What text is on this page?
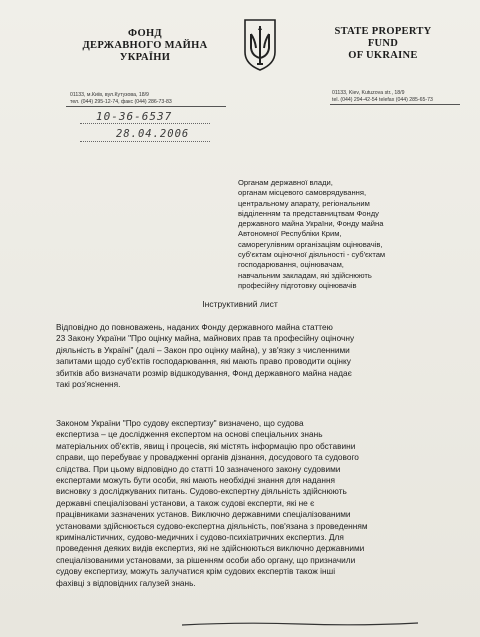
ФОНД
ДЕРЖАВНОГО МАЙНА
УКРАЇНИ
STATE PROPERTY
FUND
OF UKRAINE
01133, м.Київ, вул.Кутузова, 18/9
тел. (044) 295-12-74, факс (044) 286-73-83
01133, Kiev, Kutuzova str., 18/9
tel. (044) 294-42-54 telefax (044) 285-65-73
10-36-6537
28.04.2006
Органам державної влади,
органам місцевого самоврядування,
центральному апарату, регіональним
відділенням та представництвам Фонду
державного майна України, Фонду майна
Автономної Республіки Крим,
саморегулівним організаціям оцінювачів,
суб'єктам оціночної діяльності - суб'єктам
господарювання, оцінювачам,
навчальним закладам, які здійснюють
професійну підготовку оцінювачів
Інструктивний лист
Відповідно до повноважень, наданих Фонду державного майна статтею
23 Закону України "Про оцінку майна, майнових прав та професійну оціночну
діяльність в Україні" (далі – Закон про оцінку майна), у зв'язку з численними
запитами щодо суб'єктів господарювання, які мають право проводити оцінку
збитків або визначати розмір відшкодування, Фонд державного майна надає
такі роз'яснення.
Законом України "Про судову експертизу" визначено, що судова
експертиза – це дослідження експертом на основі спеціальних знань
матеріальних об'єктів, явищ і процесів, які містять інформацію про обставини
справи, що перебуває у провадженні органів дізнання, досудового та судового
слідства. При цьому відповідно до статті 10 зазначеного закону судовими
експертами можуть бути особи, які мають необхідні знання для надання
висновку з досліджуваних питань. Судово-експертну діяльність здійснюють
державні спеціалізовані установи, а також судові експерти, які не є
працівниками зазначених установ. Виключно державними спеціалізованими
установами здійснюється судово-експертна діяльність, пов'язана з проведенням
криміналістичних, судово-медичних і судово-психіатричних експертиз. Для
проведення деяких видів експертиз, які не здійснюються виключно державними
спеціалізованими установами, за рішенням особи або органу, що призначили
судову експертизу, можуть залучатися крім судових експертів також інші
фахівці з відповідних галузей знань.
